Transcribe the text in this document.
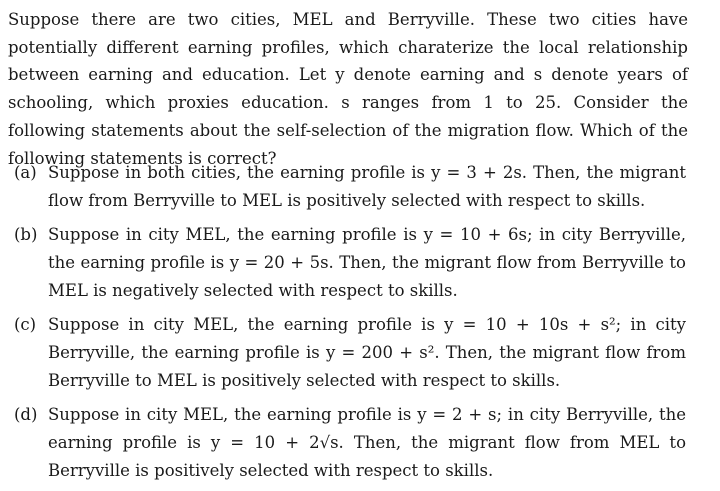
Suppose there are two cities, MEL and Berryville. These two cities have potentially different earning profiles, which charaterize the local relationship between earning and education. Let y denote earning and s denote years of schooling, which proxies education. s ranges from 1 to 25. Consider the following statements about the self-selection of the migration flow. Which of the following statements is correct?
(a) Suppose in both cities, the earning profile is y = 3 + 2s. Then, the migrant flow from Berryville to MEL is positively selected with respect to skills.
(b) Suppose in city MEL, the earning profile is y = 10 + 6s; in city Berryville, the earning profile is y = 20 + 5s. Then, the migrant flow from Berryville to MEL is negatively selected with respect to skills.
(c) Suppose in city MEL, the earning profile is y = 10 + 10s + s²; in city Berryville, the earning profile is y = 200 + s². Then, the migrant flow from Berryville to MEL is positively selected with respect to skills.
(d) Suppose in city MEL, the earning profile is y = 2 + s; in city Berryville, the earning profile is y = 10 + 2√s. Then, the migrant flow from MEL to Berryville is positively selected with respect to skills.
